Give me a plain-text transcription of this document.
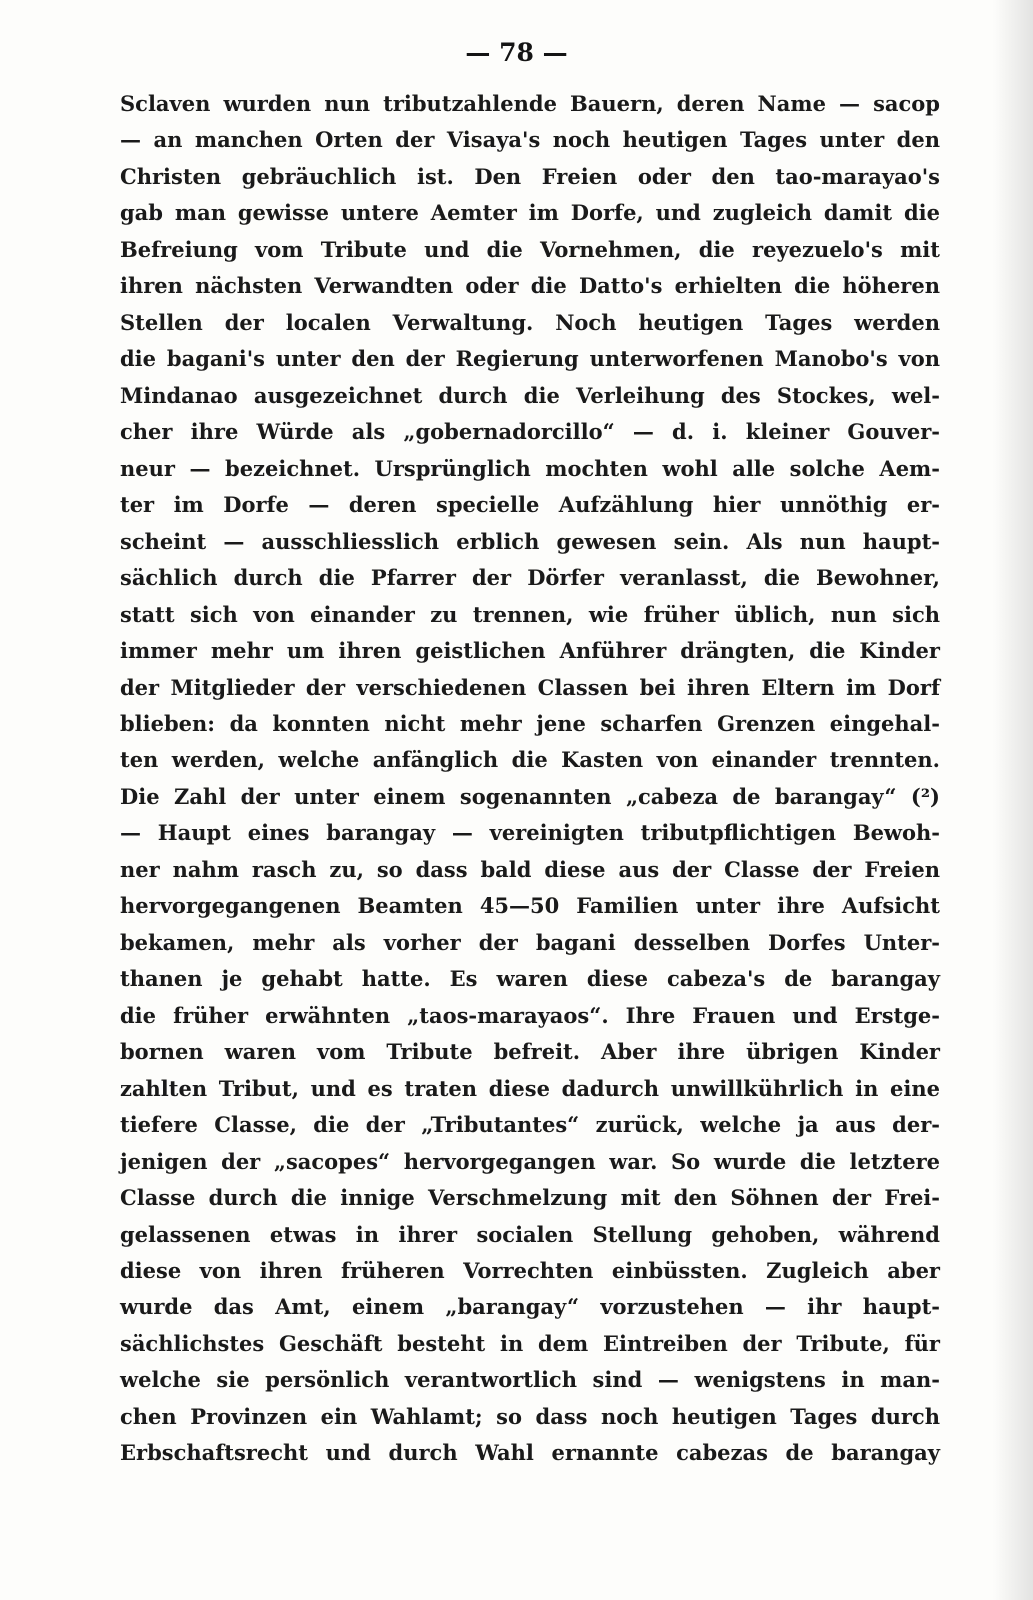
— 78 —
Sclaven wurden nun tributzahlende Bauern, deren Name — sacop
— an manchen Orten der Visaya's noch heutigen Tages unter den
Christen gebräuchlich ist. Den Freien oder den tao-marayao's
gab man gewisse untere Aemter im Dorfe, und zugleich damit die
Befreiung vom Tribute und die Vornehmen, die reyezuelo's mit
ihren nächsten Verwandten oder die Datto's erhielten die höheren
Stellen der localen Verwaltung. Noch heutigen Tages werden
die bagani's unter den der Regierung unterworfenen Manobo's von
Mindanao ausgezeichnet durch die Verleihung des Stockes, wel-
cher ihre Würde als „gobernadorcillo“ — d. i. kleiner Gouver-
neur — bezeichnet. Ursprünglich mochten wohl alle solche Aem-
ter im Dorfe — deren specielle Aufzählung hier unnöthig er-
scheint — ausschliesslich erblich gewesen sein. Als nun haupt-
sächlich durch die Pfarrer der Dörfer veranlasst, die Bewohner,
statt sich von einander zu trennen, wie früher üblich, nun sich
immer mehr um ihren geistlichen Anführer drängten, die Kinder
der Mitglieder der verschiedenen Classen bei ihren Eltern im Dorf
blieben: da konnten nicht mehr jene scharfen Grenzen eingehal-
ten werden, welche anfänglich die Kasten von einander trennten.
Die Zahl der unter einem sogenannten „cabeza de barangay“ (²)
— Haupt eines barangay — vereinigten tributpflichtigen Bewoh-
ner nahm rasch zu, so dass bald diese aus der Classe der Freien
hervorgegangenen Beamten 45—50 Familien unter ihre Aufsicht
bekamen, mehr als vorher der bagani desselben Dorfes Unter-
thanen je gehabt hatte. Es waren diese cabeza's de barangay
die früher erwähnten „taos-marayaos“. Ihre Frauen und Erstge-
bornen waren vom Tribute befreit. Aber ihre übrigen Kinder
zahlten Tribut, und es traten diese dadurch unwillkührlich in eine
tiefere Classe, die der „Tributantes“ zurück, welche ja aus der-
jenigen der „sacopes“ hervorgegangen war. So wurde die letztere
Classe durch die innige Verschmelzung mit den Söhnen der Frei-
gelassenen etwas in ihrer socialen Stellung gehoben, während
diese von ihren früheren Vorrechten einbüssten. Zugleich aber
wurde das Amt, einem „barangay“ vorzustehen — ihr haupt-
sächlichstes Geschäft besteht in dem Eintreiben der Tribute, für
welche sie persönlich verantwortlich sind — wenigstens in man-
chen Provinzen ein Wahlamt; so dass noch heutigen Tages durch
Erbschaftsrecht und durch Wahl ernannte cabezas de barangay
